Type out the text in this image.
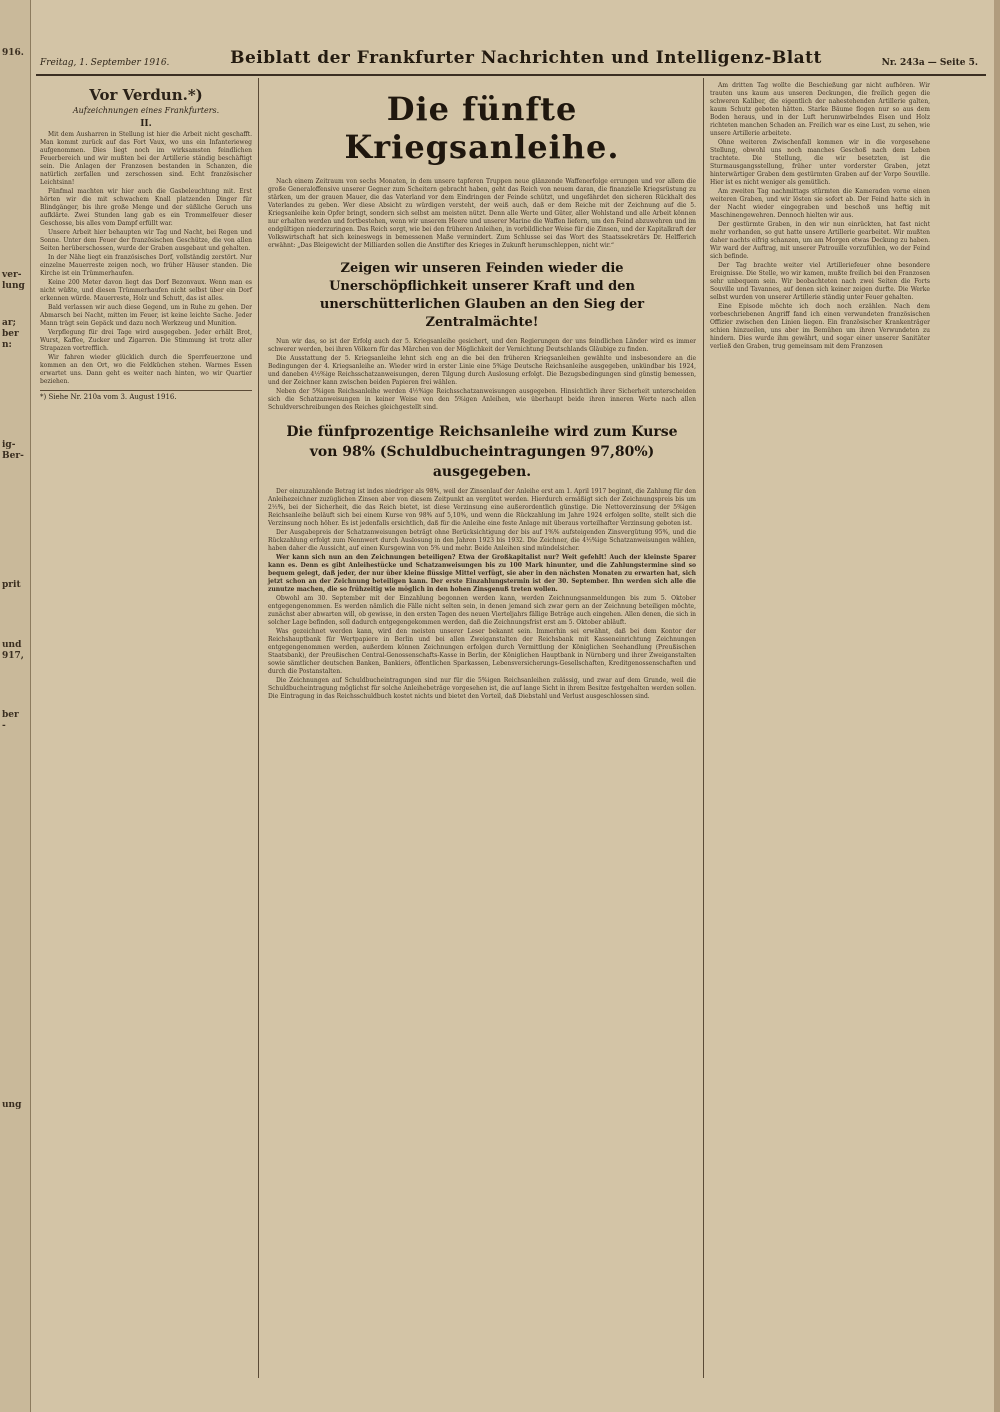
916.
ver-
lung
ar;
ber
n:
ig-
Ber-
prit
und
917,
ber
-
ung
Freitag, 1. September 1916.	Beiblatt der Frankfurter Nachrichten und Intelligenz-Blatt	Nr. 243a — Seite 5.
Vor Verdun.*)
Aufzeichnungen eines Frankfurters.
II.

Mit dem Ausharren in Stellung ist hier die Arbeit nicht geschafft. Man kommt zurück auf das Fort Vaux, wo uns ein Infanterieweg aufgenommen. Dies liegt noch im wirksamsten feindlichen Feuerbereich und wir mußten bei der Artillerie ständig beschäftigt sein. Die Anlagen der Franzosen bestanden in Schanzen, die natürlich zerfallen und zerschossen sind. Echt französischer Leichtsinn!

Fünfmal machten wir hier auch die Gasbeleuchtung mit. Erst hörten wir die mit schwachem Knall platzenden Dinger für Blindgänger, bis ihre große Menge und der süßliche Geruch uns aufklärte. Zwei Stunden lang gab es ein Trommelfeuer dieser Geschosse, bis alles vom Dampf erfüllt war.

Unsere Arbeit hier behaupten wir Tag und Nacht, bei Regen und Sonne. Unter dem Feuer der französischen Geschütze, die von allen Seiten herüberschossen, wurde der Graben ausgebaut und gehalten.

In der Nähe liegt ein französisches Dorf, vollständig zerstört. Nur einzelne Mauerreste zeigen noch, wo früher Häuser standen. Die Kirche ist ein Trümmerhaufen.

Keine 200 Meter davon liegt das Dorf Bezonvaux. Wenn man es nicht wüßte, und diesen Trümmerhaufen nicht selbst über ein Dorf erkennen würde. Mauerreste, Holz und Schutt, das ist alles.

Bald verlassen wir auch diese Gegend, um in Ruhe zu gehen. Der Abmarsch bei Nacht, mitten im Feuer, ist keine leichte Sache. Jeder Mann trägt sein Gepäck und dazu noch Werkzeug und Munition.

Verpflegung für drei Tage wird ausgegeben. Jeder erhält Brot, Wurst, Kaffee, Zucker und Zigarren. Die Stimmung ist trotz aller Strapazen vortrefflich.

Wir fahren wieder glücklich durch die Sperrfeuerzone und kommen an den Ort, wo die Feldküchen stehen. Warmes Essen erwartet uns. Dann geht es weiter nach hinten, wo wir Quartier beziehen.

*) Siehe Nr. 210a vom 3. August 1916.
Die fünfte Kriegsanleihe.

Nach einem Zeitraum von sechs Monaten, in dem unsere tapferen Truppen neue glänzende Waffenerfolge errungen und vor allem die große Generaloffensive unserer Gegner zum Scheitern gebracht haben, geht das Reich von neuem daran, die finanzielle Kriegsrüstung zu stärken, um der grauen Mauer, die das Vaterland vor dem Eindringen der Feinde schützt, und ungefährdet den sicheren Rückhalt des Vaterlandes zu geben. Wer diese Absicht zu würdigen versteht, der weiß auch, daß er dem Reiche mit der Zeichnung auf die 5. Kriegsanleihe kein Opfer bringt, sondern sich selbst am meisten nützt. Denn alle Werte und Güter, aller Wohlstand und alle Arbeit können nur erhalten werden und fortbestehen, wenn wir unserem Heere und unserer Marine die Waffen liefern, um den Feind abzuwehren und im endgültigen niederzuringen. Das Reich sorgt, wie bei den früheren Anleihen, in vorbildlicher Weise für die Zinsen, und der Kapitalkraft der Volkswirtschaft hat sich keineswegs in bemessenen Maße vermindert. Zum Schlusse sei das Wort des Staatssekretärs Dr. Helfferich erwähnt: „Das Bleigewicht der Milliarden sollen die Anstifter des Krieges in Zukunft herumschleppen, nicht wir.“

Zeigen wir unseren Feinden wieder die Unerschöpflichkeit unserer Kraft und den unerschütterlichen Glauben an den Sieg der Zentralmächte!

Nun wir das, so ist der Erfolg auch der 5. Kriegsanleihe gesichert, und den Regierungen der uns feindlichen Länder wird es immer schwerer werden, bei ihren Völkern für das Märchen von der Möglichkeit der Vernichtung Deutschlands Gläubige zu finden.

Die Ausstattung der 5. Kriegsanleihe lehnt sich eng an die bei den früheren Kriegsanleihen gewählte und insbesondere an die Bedingungen der 4. Kriegsanleihe an. Wieder wird in erster Linie eine 5%ige Deutsche Reichsanleihe ausgegeben, unkündbar bis 1924, und daneben 4½%ige Reichsschatzanweisungen, deren Tilgung durch Auslosung erfolgt. Die Bezugsbedingungen sind günstig bemessen, und der Zeichner kann zwischen beiden Papieren frei wählen.

Neben der 5%igen Reichsanleihe werden 4½%ige Reichsschatzanweisungen ausgegeben. Hinsichtlich ihrer Sicherheit unterscheiden sich die Schatzanweisungen in keiner Weise von den 5%igen Anleihen, wie überhaupt beide ihren inneren Werte nach allen Schuldverschreibungen des Reiches gleichgestellt sind.

Die fünfprozentige Reichsanleihe wird zum Kurse von 98% (Schuldbucheintragungen 97,80%) ausgegeben.

Der einzuzahlende Betrag ist indes niedriger als 98%, weil der Zinsenlauf der Anleihe erst am 1. April 1917 beginnt, die Zahlung für den Anleihezeichner zuzüglichen Zinsen aber von diesem Zeitpunkt an vergütet werden. Hierdurch ermäßigt sich der Zeichnungspreis bis um 2½%, bei der Sicherheit, die das Reich bietet, ist diese Verzinsung eine außerordentlich günstige. Die Nettoverzinsung der 5%igen Reichsanleihe beläuft sich bei einem Kurse von 98% auf 5,10%, und wenn die Rückzahlung im Jahre 1924 erfolgen sollte, stellt sich die Verzinsung noch höher. Es ist jedenfalls ersichtlich, daß für die Anleihe eine feste Anlage mit überaus vorteilhafter Verzinsung geboten ist.

Der Ausgabepreis der Schatzanweisungen beträgt ohne Berücksichtigung der bis auf 1%% aufsteigenden Zinsvergütung 95%, und die Rückzahlung erfolgt zum Nennwert durch Auslosung in den Jahren 1923 bis 1932. Die Zeichner, die 4½%ige Schatzanweisungen wählen, haben daher die Aussicht, auf einen Kursgewinn von 5% und mehr. Beide Anleihen sind mündelsicher.

Wer kann sich nun an den Zeichnungen beteiligen? Etwa der Großkapitalist nur? Weit gefehlt! Auch der kleinste Sparer kann es. Denn es gibt Anleihestücke und Schatzanweisungen bis zu 100 Mark hinunter, und die Zahlungstermine sind so bequem gelegt, daß jeder, der nur über kleine flüssige Mittel verfügt, sie aber in den nächsten Monaten zu erwarten hat, sich jetzt schon an der Zeichnung beteiligen kann. Der erste Einzahlungstermin ist der 30. September. Ihn werden sich alle die zunutze machen, die so frühzeitig wie möglich in den hohen Zinsgenuß treten wollen.

Obwohl am 30. September mit der Einzahlung begonnen werden kann, werden Zeichnungsanmeldungen bis zum 5. Oktober entgegengenommen. Es werden nämlich die Fälle nicht selten sein, in denen jemand sich zwar gern an der Zeichnung beteiligen möchte, zunächst aber abwarten will, ob gewisse, in den ersten Tagen des neuen Vierteljahrs fällige Beträge auch eingehen. Allen denen, die sich in solcher Lage befinden, soll dadurch entgegengekommen werden, daß die Zeichnungsfrist erst am 5. Oktober abläuft.

Was gezeichnet werden kann, wird den meisten unserer Leser bekannt sein. Immerhin sei erwähnt, daß bei dem Kontor der Reichshauptbank für Wertpapiere in Berlin und bei allen Zweiganstalten der Reichsbank mit Kasseneinrichtung Zeichnungen entgegengenommen werden, außerdem können Zeichnungen erfolgen durch Vermittlung der Königlichen Seehandlung (Preußischen Staatsbank), der Preußischen Central-Genossenschafts-Kasse in Berlin, der Königlichen Hauptbank in Nürnberg und ihrer Zweiganstalten sowie sämtlicher deutschen Banken, Bankiers, öffentlichen Sparkassen, Lebensversicherungs-Gesellschaften, Kreditgenossenschaften und durch die Postanstalten.

Die Zeichnungen auf Schuldbucheintragungen sind nur für die 5%igen Reichsanleihen zulässig, und zwar auf dem Grunde, weil die Schuldbucheintragung möglichst für solche Anleihebeträge vorgesehen ist, die auf lange Sicht in ihrem Besitze festgehalten werden sollen. Die Eintragung in das Reichsschuldbuch kostet nichts und bietet den Vorteil, daß Diebstahl und Verlust ausgeschlossen sind.

Am dritten Tag wollte die Beschießung gar nicht aufhören. Wir trauten uns kaum aus unseren Deckungen, die freilich gegen die schweren Kaliber, die eigentlich der nahestehenden Artillerie galten, kaum Schutz geboten hätten. Starke Bäume flogen nur so aus dem Boden heraus, und in der Luft herumwirbelndes Eisen und Holz richteten manchen Schaden an. Freilich war es eine Lust, zu sehen, wie unsere Artillerie arbeitete.

Ohne weiteren Zwischenfall kommen wir in die vorgesehene Stellung, obwohl uns noch manches Geschoß nach dem Leben trachtete. Die Stellung, die wir besetzten, ist die Sturmausgangsstellung, früher unter vorderster Graben, jetzt hinterwärtiger Graben dem gestürmten Graben auf der Vorpo Souville. Hier ist es nicht weniger als gemütlich.

Am zweiten Tag nachmittags stürmten die Kameraden vorne einen weiteren Graben, und wir lösten sie sofort ab. Der Feind hatte sich in der Nacht wieder eingegraben und beschoß uns heftig mit Maschinengewehren. Dennoch hielten wir aus.

Der gestürmte Graben, in den wir nun einrückten, hat fast nicht mehr vorhanden, so gut hatte unsere Artillerie gearbeitet. Wir mußten daher nachts eifrig schanzen, um am Morgen etwas Deckung zu haben. Wir ward der Auftrag, mit unserer Patrouille vorzufühlen, wo der Feind sich befinde.

Der Tag brachte weiter viel Artilleriefeuer ohne besondere Ereignisse. Die Stelle, wo wir kamen, mußte freilich bei den Franzosen sehr unbequem sein. Wir beobachteten nach zwei Seiten die Forts Souville und Tavannes, auf denen sich keiner zeigen durfte. Die Werke selbst wurden von unserer Artillerie ständig unter Feuer gehalten.

Eine Episode möchte ich doch noch erzählen. Nach dem vorbeschriebenen Angriff fand ich einen verwundeten französischen Offizier zwischen den Linien liegen. Ein französischer Krankenträger schien hinzueilen, uns aber im Bemühen um ihren Verwundeten zu hindern. Dies wurde ihm gewährt, und sogar einer unserer Sanitäter verließ den Graben, trug gemeinsam mit dem Franzosen
